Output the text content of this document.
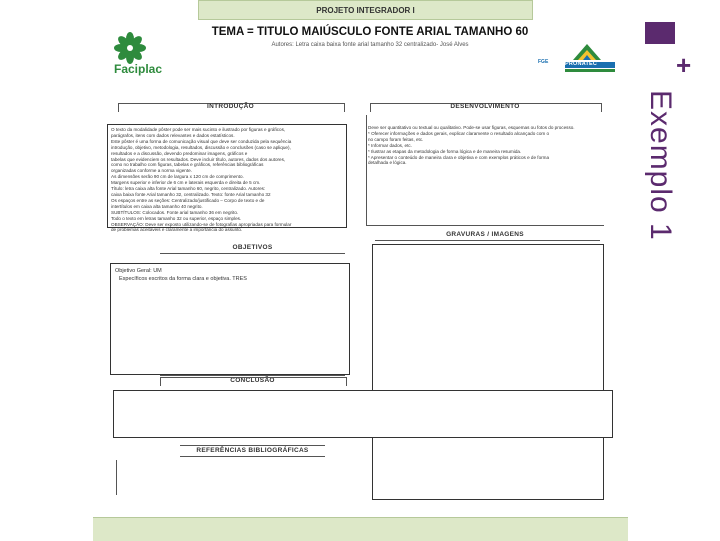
+
Exemplo 1
PROJETO INTEGRADOR I
TEMA = TITULO MAIÚSCULO FONTE ARIAL TAMANHO 60
Autores: Letra caixa baixa fonte arial tamanho 32 centralizado- José Alves
Faciplac	FGE	PRONATEC
INTRODUÇÃO
O texto da modalidade pôster pode ser mais sucinto e ilustrado por figuras e gráficos,
parágrafos, itens com dados relevantes e dados estatísticos.
Este pôster é uma forma de comunicação visual que deve ser conduzida pela sequência
introdução, objetivo, metodologia, resultados, discussão e conclusões (caso se aplique),
resultados e a discussão, devendo predominar imagens, gráficos e
tabelas que evidenciem os resultados. Deve incluir título, autores, dados dos autores,
como no trabalho com figuras, tabelas e gráficos, referências bibliográficas
organizadas conforme a norma vigente.
As dimensões serão 90 cm de largura x 120 cm de comprimento.
Margens superior e inferior de 6 cm e laterais esquerda e direita de 5 cm.
Título: letra caixa alta fonte Arial tamanho 60, negrito, centralizado. Autores:
caixa baixa fonte Arial tamanho 32, centralizado. Texto: fonte Arial tamanho 32
Os espaços entre as seções: Centralizado/justificado – Corpo de texto e de
intertítulos em caixa alta tamanho 40 negrito.
SUBTÍTULOS: Colocados. Fonte arial tamanho 36 em negrito.
Todo o texto em letras tamanho 32 ou superior, espaço simples.
OBSERVAÇÃO: Deve ser exposto utilizando-se de fotografias apropriadas para formular
de problemas aceitáveis e claramente a importância do assunto.
DESENVOLVIMENTO
Deve ser quantitativo ou textual ou qualitativo. Pode-se usar figuras, esquemas ou fotos do processo.
* Oferecer informações e dados gerais, explicar claramente o resultado alcançado com o
no campo foram feitas, etc.
* Informar dados, etc.
* Ilustrar as etapas da metodologia de forma lógica e de maneira resumida.
* Apresentar o conteúdo de maneira clara e objetiva e com exemplos práticos e de forma
detalhada e lógica.
GRAVURAS / IMAGENS
OBJETIVOS
Objetivo Geral: UM
Específicos escritos da forma clara e objetiva. TRES
CONCLUSÃO
REFERÊNCIAS BIBLIOGRÁFICAS
